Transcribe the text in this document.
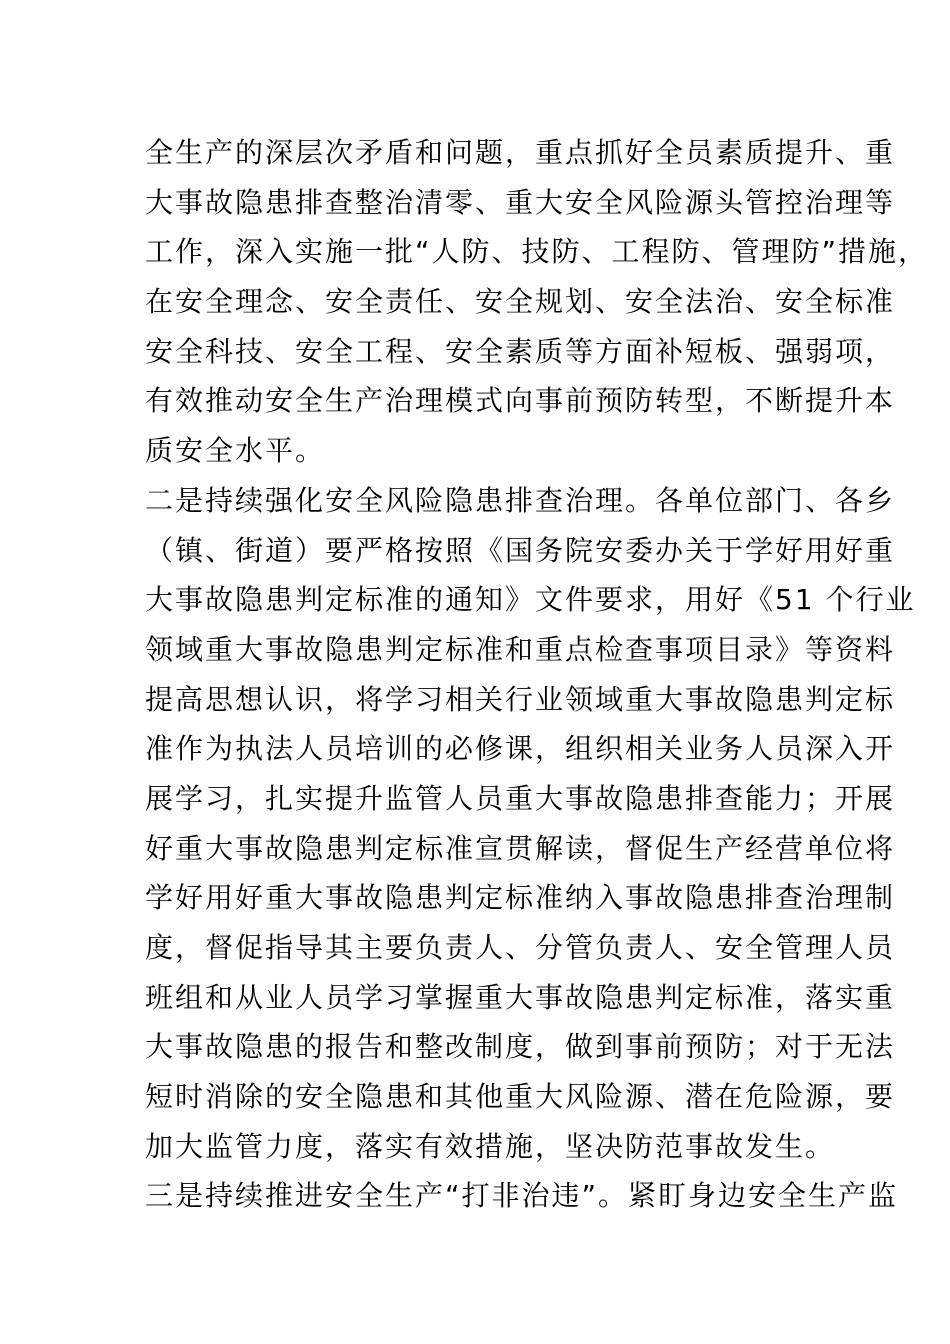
全生产的深层次矛盾和问题，重点抓好全员素质提升、重
大事故隐患排查整治清零、重大安全风险源头管控治理等
工作，深入实施一批“人防、技防、工程防、管理防”措施，
在安全理念、安全责任、安全规划、安全法治、安全标准
安全科技、安全工程、安全素质等方面补短板、强弱项，
有效推动安全生产治理模式向事前预防转型，不断提升本
质安全水平。
二是持续强化安全风险隐患排查治理。各单位部门、各乡
（镇、街道）要严格按照《国务院安委办关于学好用好重
大事故隐患判定标准的通知》文件要求，用好《51 个行业
领域重大事故隐患判定标准和重点检查事项目录》等资料
提高思想认识，将学习相关行业领域重大事故隐患判定标
准作为执法人员培训的必修课，组织相关业务人员深入开
展学习，扎实提升监管人员重大事故隐患排查能力；开展
好重大事故隐患判定标准宣贯解读，督促生产经营单位将
学好用好重大事故隐患判定标准纳入事故隐患排查治理制
度，督促指导其主要负责人、分管负责人、安全管理人员
班组和从业人员学习掌握重大事故隐患判定标准，落实重
大事故隐患的报告和整改制度，做到事前预防；对于无法
短时消除的安全隐患和其他重大风险源、潜在危险源，要
加大监管力度，落实有效措施，坚决防范事故发生。
三是持续推进安全生产“打非治违”。紧盯身边安全生产监
